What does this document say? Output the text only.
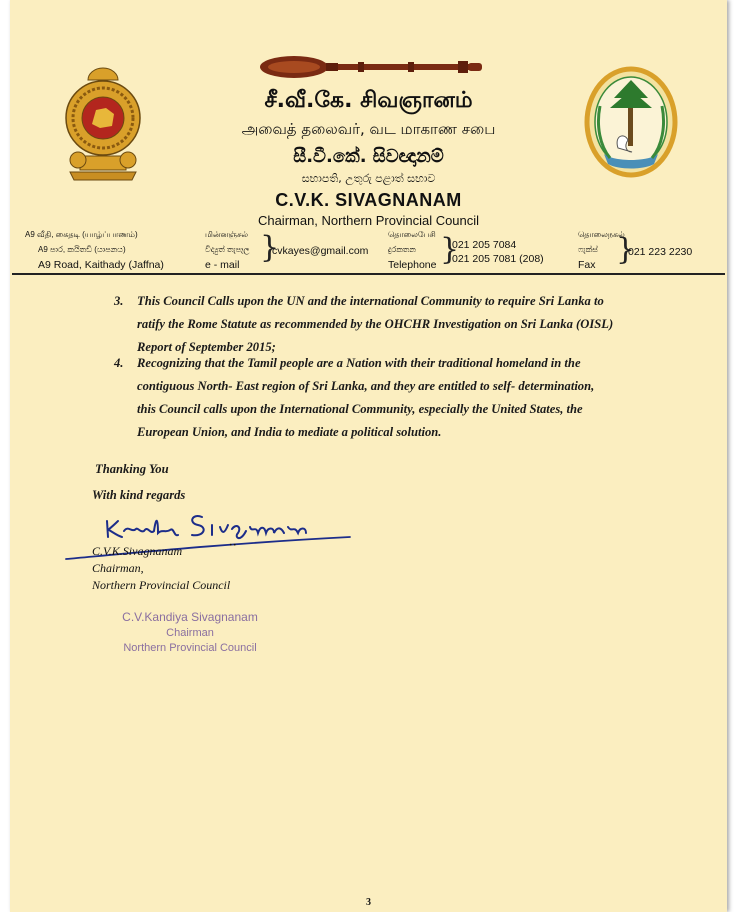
சீ.வீ.கே. சிவஞானம்
அவைத் தலைவர், வட மாகாண சபை
සී.වී.කේ. සිවඥානම්
සභාපති, උතුරු පළාත් සභාව
C.V.K. SIVAGNANAM
Chairman, Northern Provincial Council
A9 வீதி, கைதடி (யாழ்ப்பாணம்)
A9 පාර, කයිතඩි (යාපනය)
A9 Road, Kaithady (Jaffna)
மின்னஞ்சல்
විද්‍යුත් තැපෑල
e - mail }
cvkayes@gmail.com
தொலைபேசி
දුරකතන
Telephone }
021 205 7084
021 205 7081 (208)
தொலைநகல்
ෆැක්ස්
Fax }
021 223 2230
3. This Council Calls upon the UN and the international Community to require Sri Lanka to
ratify the Rome Statute as recommended by the OHCHR Investigation on Sri Lanka (OISL)
Report of September 2015;
4. Recognizing that the Tamil people are a Nation with their traditional homeland in the
contiguous North- East region of Sri Lanka, and they are entitled to self- determination,
this Council calls upon the International Community, especially the United States, the
European Union, and India to mediate a political solution.
Thanking You
With kind regards
C.V.K.Sivagnanam	˙˙
Chairman,
Northern Provincial Council
C.V.Kandiya Sivagnanam
Chairman
Northern Provincial Council
3
